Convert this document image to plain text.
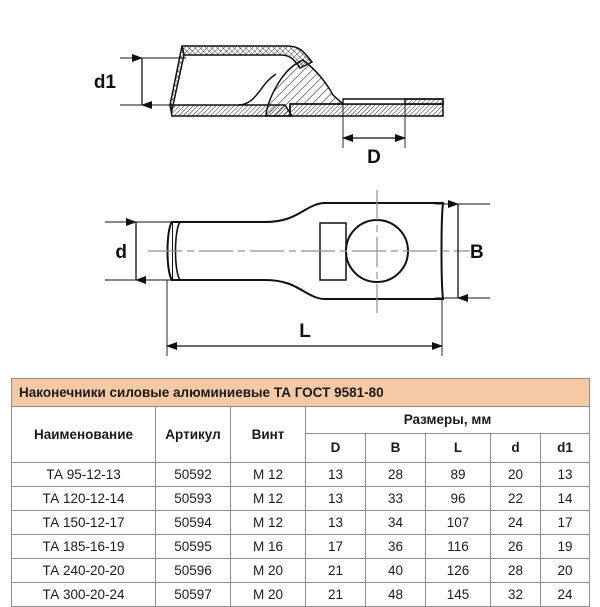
d1
D
d	B
L
Наконечники силовые алюминиевые ТА ГОСТ 9581-80							
Наименование	Артикул	Винт	Размеры, мм				
			D	B	L	d	d1
ТА 95-12-13	50592	М 12	13	28	89	20	13
ТА 120-12-14	50593	М 12	13	33	96	22	14
ТА 150-12-17	50594	М 12	13	34	107	24	17
ТА 185-16-19	50595	М 16	17	36	116	26	19
ТА 240-20-20	50596	М 20	21	40	126	28	20
ТА 300-20-24	50597	М 20	21	48	145	32	24
